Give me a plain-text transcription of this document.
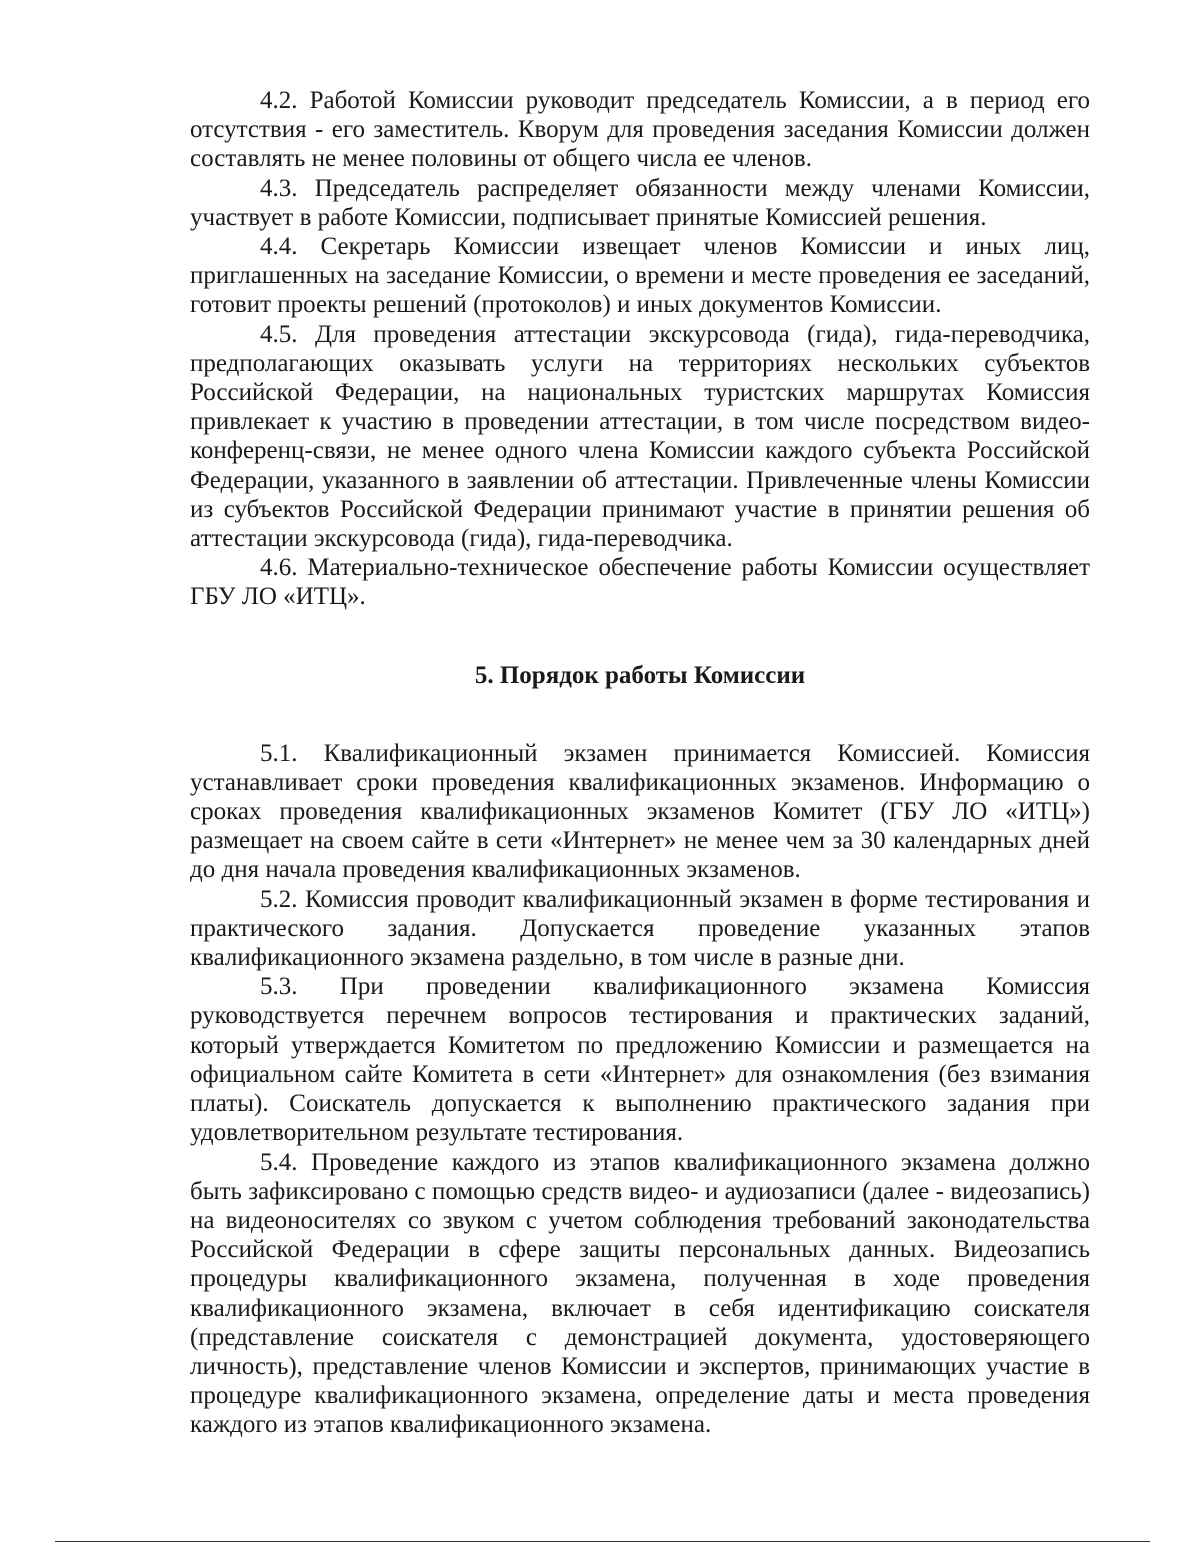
4.2. Работой Комиссии руководит председатель Комиссии, а в период его отсутствия - его заместитель. Кворум для проведения заседания Комиссии должен составлять не менее половины от общего числа ее членов.

4.3. Председатель распределяет обязанности между членами Комиссии, участвует в работе Комиссии, подписывает принятые Комиссией решения.

4.4. Секретарь Комиссии извещает членов Комиссии и иных лиц, приглашенных на заседание Комиссии, о времени и месте проведения ее заседаний, готовит проекты решений (протоколов) и иных документов Комиссии.

4.5. Для проведения аттестации экскурсовода (гида), гида-переводчика, предполагающих оказывать услуги на территориях нескольких субъектов Российской Федерации, на национальных туристских маршрутах Комиссия привлекает к участию в проведении аттестации, в том числе посредством видео-конференц-связи, не менее одного члена Комиссии каждого субъекта Российской Федерации, указанного в заявлении об аттестации. Привлеченные члены Комиссии из субъектов Российской Федерации принимают участие в принятии решения об аттестации экскурсовода (гида), гида-переводчика.

4.6. Материально-техническое обеспечение работы Комиссии осуществляет ГБУ ЛО «ИТЦ».

5. Порядок работы Комиссии

5.1. Квалификационный экзамен принимается Комиссией. Комиссия устанавливает сроки проведения квалификационных экзаменов. Информацию о сроках проведения квалификационных экзаменов Комитет (ГБУ ЛО «ИТЦ») размещает на своем сайте в сети «Интернет» не менее чем за 30 календарных дней до дня начала проведения квалификационных экзаменов.

5.2. Комиссия проводит квалификационный экзамен в форме тестирования и практического задания. Допускается проведение указанных этапов квалификационного экзамена раздельно, в том числе в разные дни.

5.3. При проведении квалификационного экзамена Комиссия руководствуется перечнем вопросов тестирования и практических заданий, который утверждается Комитетом по предложению Комиссии и размещается на официальном сайте Комитета в сети «Интернет» для ознакомления (без взимания платы). Соискатель допускается к выполнению практического задания при удовлетворительном результате тестирования.

5.4. Проведение каждого из этапов квалификационного экзамена должно быть зафиксировано с помощью средств видео- и аудиозаписи (далее - видеозапись) на видеоносителях со звуком с учетом соблюдения требований законодательства Российской Федерации в сфере защиты персональных данных. Видеозапись процедуры квалификационного экзамена, полученная в ходе проведения квалификационного экзамена, включает в себя идентификацию соискателя (представление соискателя с демонстрацией документа, удостоверяющего личность), представление членов Комиссии и экспертов, принимающих участие в процедуре квалификационного экзамена, определение даты и места проведения каждого из этапов квалификационного экзамена.
